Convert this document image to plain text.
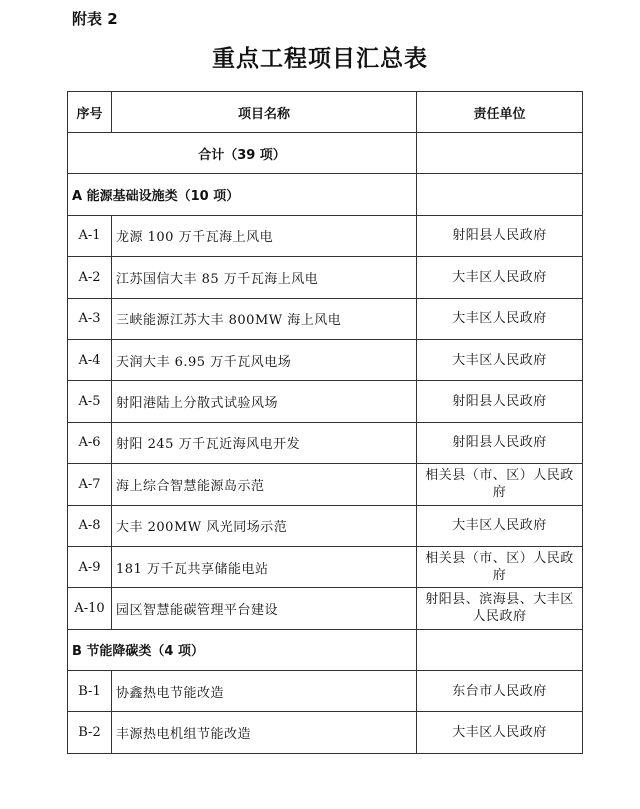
附表 2
重点工程项目汇总表
序号	项目名称	责任单位
合计（39 项）		
A 能源基础设施类（10 项）		
A-1	龙源 100 万千瓦海上风电	射阳县人民政府
A-2	江苏国信大丰 85 万千瓦海上风电	大丰区人民政府
A-3	三峡能源江苏大丰 800MW 海上风电	大丰区人民政府
A-4	天润大丰 6.95 万千瓦风电场	大丰区人民政府
A-5	射阳港陆上分散式试验风场	射阳县人民政府
A-6	射阳 245 万千瓦近海风电开发	射阳县人民政府
A-7	海上综合智慧能源岛示范	相关县（市、区）人民政府
A-8	大丰 200MW 风光同场示范	大丰区人民政府
A-9	181 万千瓦共享储能电站	相关县（市、区）人民政府
A-10	园区智慧能碳管理平台建设	射阳县、滨海县、大丰区人民政府
B 节能降碳类（4 项）		
B-1	协鑫热电节能改造	东台市人民政府
B-2	丰源热电机组节能改造	大丰区人民政府
